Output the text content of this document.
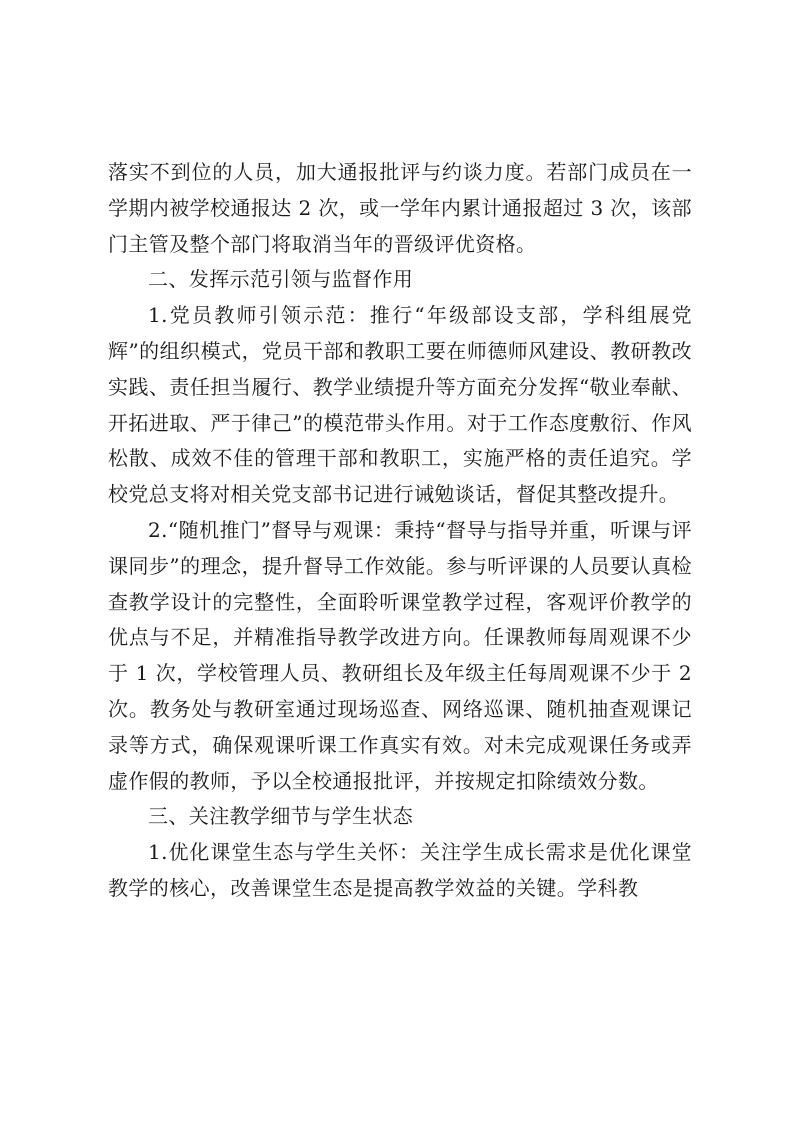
落实不到位的人员，加大通报批评与约谈力度。若部门成员在一学期内被学校通报达 2 次，或一学年内累计通报超过 3 次，该部门主管及整个部门将取消当年的晋级评优资格。

二、发挥示范引领与监督作用

1.党员教师引领示范：推行“年级部设支部，学科组展党辉”的组织模式，党员干部和教职工要在师德师风建设、教研教改实践、责任担当履行、教学业绩提升等方面充分发挥“敬业奉献、开拓进取、严于律己”的模范带头作用。对于工作态度敷衍、作风松散、成效不佳的管理干部和教职工，实施严格的责任追究。学校党总支将对相关党支部书记进行诫勉谈话，督促其整改提升。

2.“随机推门”督导与观课：秉持“督导与指导并重，听课与评课同步”的理念，提升督导工作效能。参与听评课的人员要认真检查教学设计的完整性，全面聆听课堂教学过程，客观评价教学的优点与不足，并精准指导教学改进方向。任课教师每周观课不少于 1 次，学校管理人员、教研组长及年级主任每周观课不少于 2 次。教务处与教研室通过现场巡查、网络巡课、随机抽查观课记录等方式，确保观课听课工作真实有效。对未完成观课任务或弄虚作假的教师，予以全校通报批评，并按规定扣除绩效分数。

三、关注教学细节与学生状态

1.优化课堂生态与学生关怀：关注学生成长需求是优化课堂教学的核心，改善课堂生态是提高教学效益的关键。学科教
